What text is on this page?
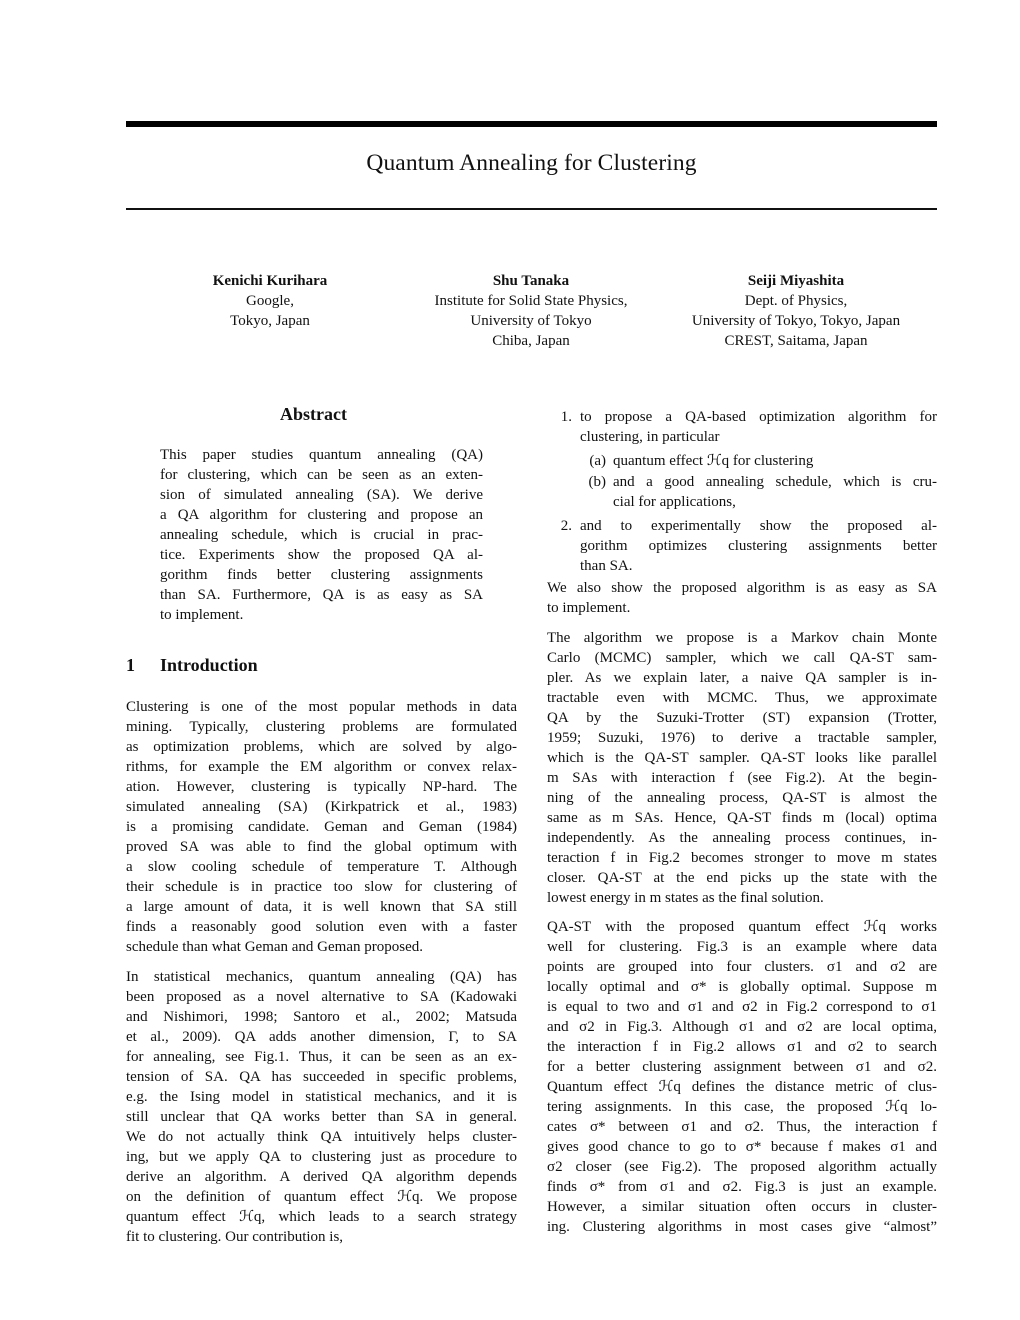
Quantum Annealing for Clustering
Kenichi Kurihara
Google,
Tokyo, Japan
Shu Tanaka
Institute for Solid State Physics,
University of Tokyo
Chiba, Japan
Seiji Miyashita
Dept. of Physics,
University of Tokyo, Tokyo, Japan
CREST, Saitama, Japan
Abstract
This paper studies quantum annealing (QA)
for clustering, which can be seen as an exten-
sion of simulated annealing (SA). We derive
a QA algorithm for clustering and propose an
annealing schedule, which is crucial in prac-
tice. Experiments show the proposed QA al-
gorithm finds better clustering assignments
than SA. Furthermore, QA is as easy as SA
to implement.
1 Introduction
Clustering is one of the most popular methods in data
mining. Typically, clustering problems are formulated
as optimization problems, which are solved by algo-
rithms, for example the EM algorithm or convex relax-
ation. However, clustering is typically NP-hard. The
simulated annealing (SA) (Kirkpatrick et al., 1983)
is a promising candidate. Geman and Geman (1984)
proved SA was able to find the global optimum with
a slow cooling schedule of temperature T. Although
their schedule is in practice too slow for clustering of
a large amount of data, it is well known that SA still
finds a reasonably good solution even with a faster
schedule than what Geman and Geman proposed.
In statistical mechanics, quantum annealing (QA) has
been proposed as a novel alternative to SA (Kadowaki
and Nishimori, 1998; Santoro et al., 2002; Matsuda
et al., 2009). QA adds another dimension, Γ, to SA
for annealing, see Fig.1. Thus, it can be seen as an ex-
tension of SA. QA has succeeded in specific problems,
e.g. the Ising model in statistical mechanics, and it is
still unclear that QA works better than SA in general.
We do not actually think QA intuitively helps cluster-
ing, but we apply QA to clustering just as procedure to
derive an algorithm. A derived QA algorithm depends
on the definition of quantum effect ℋq. We propose
quantum effect ℋq, which leads to a search strategy
fit to clustering. Our contribution is,
1. to propose a QA-based optimization algorithm for
clustering, in particular
(a) quantum effect ℋq for clustering
(b) and a good annealing schedule, which is cru-
cial for applications,
2. and to experimentally show the proposed al-
gorithm optimizes clustering assignments better
than SA.
We also show the proposed algorithm is as easy as SA
to implement.
The algorithm we propose is a Markov chain Monte
Carlo (MCMC) sampler, which we call QA-ST sam-
pler. As we explain later, a naive QA sampler is in-
tractable even with MCMC. Thus, we approximate
QA by the Suzuki-Trotter (ST) expansion (Trotter,
1959; Suzuki, 1976) to derive a tractable sampler,
which is the QA-ST sampler. QA-ST looks like parallel
m SAs with interaction f (see Fig.2). At the begin-
ning of the annealing process, QA-ST is almost the
same as m SAs. Hence, QA-ST finds m (local) optima
independently. As the annealing process continues, in-
teraction f in Fig.2 becomes stronger to move m states
closer. QA-ST at the end picks up the state with the
lowest energy in m states as the final solution.
QA-ST with the proposed quantum effect ℋq works
well for clustering. Fig.3 is an example where data
points are grouped into four clusters. σ1 and σ2 are
locally optimal and σ* is globally optimal. Suppose m
is equal to two and σ1 and σ2 in Fig.2 correspond to σ1
and σ2 in Fig.3. Although σ1 and σ2 are local optima,
the interaction f in Fig.2 allows σ1 and σ2 to search
for a better clustering assignment between σ1 and σ2.
Quantum effect ℋq defines the distance metric of clus-
tering assignments. In this case, the proposed ℋq lo-
cates σ* between σ1 and σ2. Thus, the interaction f
gives good chance to go to σ* because f makes σ1 and
σ2 closer (see Fig.2). The proposed algorithm actually
finds σ* from σ1 and σ2. Fig.3 is just an example.
However, a similar situation often occurs in cluster-
ing. Clustering algorithms in most cases give “almost”
